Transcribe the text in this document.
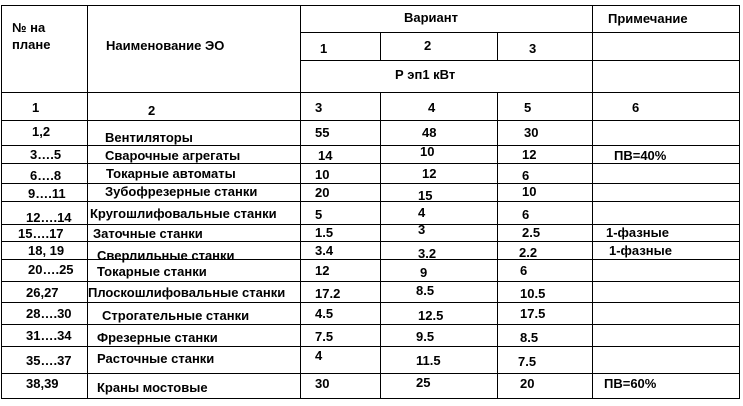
№ на
плане	Наименование ЭО
Вариант	Примечание
1	2	3
Р эп1 кВт
1	2	3	4	5	6
1,2	Вентиляторы	55	48	30
3….5	Сварочные агрегаты	14	10	12	ПВ=40%
6….8	Токарные автоматы	10	12	6
9….11	Зубофрезерные станки	20	15	10
12….14 Кругошлифовальные станки	5	4	6
15….17 Заточные станки	1.5	3	2.5	1-фазные
18, 19	Сверлильные станки	3.4	3.2	2.2	1-фазные
20….25 Токарные станки	12	9	6
26,27 Плоскошлифовальные станки 17.2	8.5	10.5
28….30 Строгательные станки	4.5	12.5	17.5
31….34 Фрезерные станки	7.5	9.5	8.5
35….37 Расточные станки	4	11.5	7.5
38,39	Краны мостовые	30	25	20	ПВ=60%
